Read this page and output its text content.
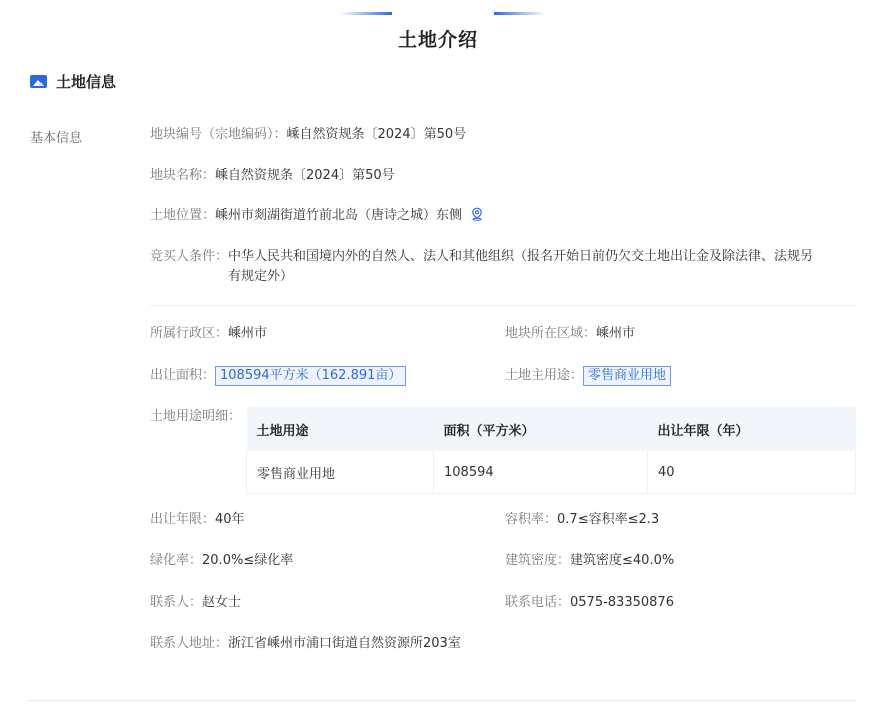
土地介绍
土地信息
基本信息	地块编号（宗地编码）：嵊自然资规条〔2024〕第50号
地块名称：嵊自然资规条〔2024〕第50号
土地位置：嵊州市剡湖街道竹前北岛（唐诗之城）东侧
竞买人条件： 中华人民共和国境内外的自然人、法人和其他组织（报名开始日前仍欠交土地出让金及除法律、法规另
有规定外）
所属行政区：嵊州市	地块所在区域：嵊州市
出让面积： 108594平方米（162.891亩）	土地主用途： 零售商业用地
土地用途明细：
土地用途	面积（平方米）	出让年限（年）
零售商业用地	108594	40
出让年限：40年	容积率：0.7≤容积率≤2.3
绿化率：20.0%≤绿化率	建筑密度：建筑密度≤40.0%
联系人：赵女士	联系电话：0575-83350876
联系人地址：浙江省嵊州市浦口街道自然资源所203室
